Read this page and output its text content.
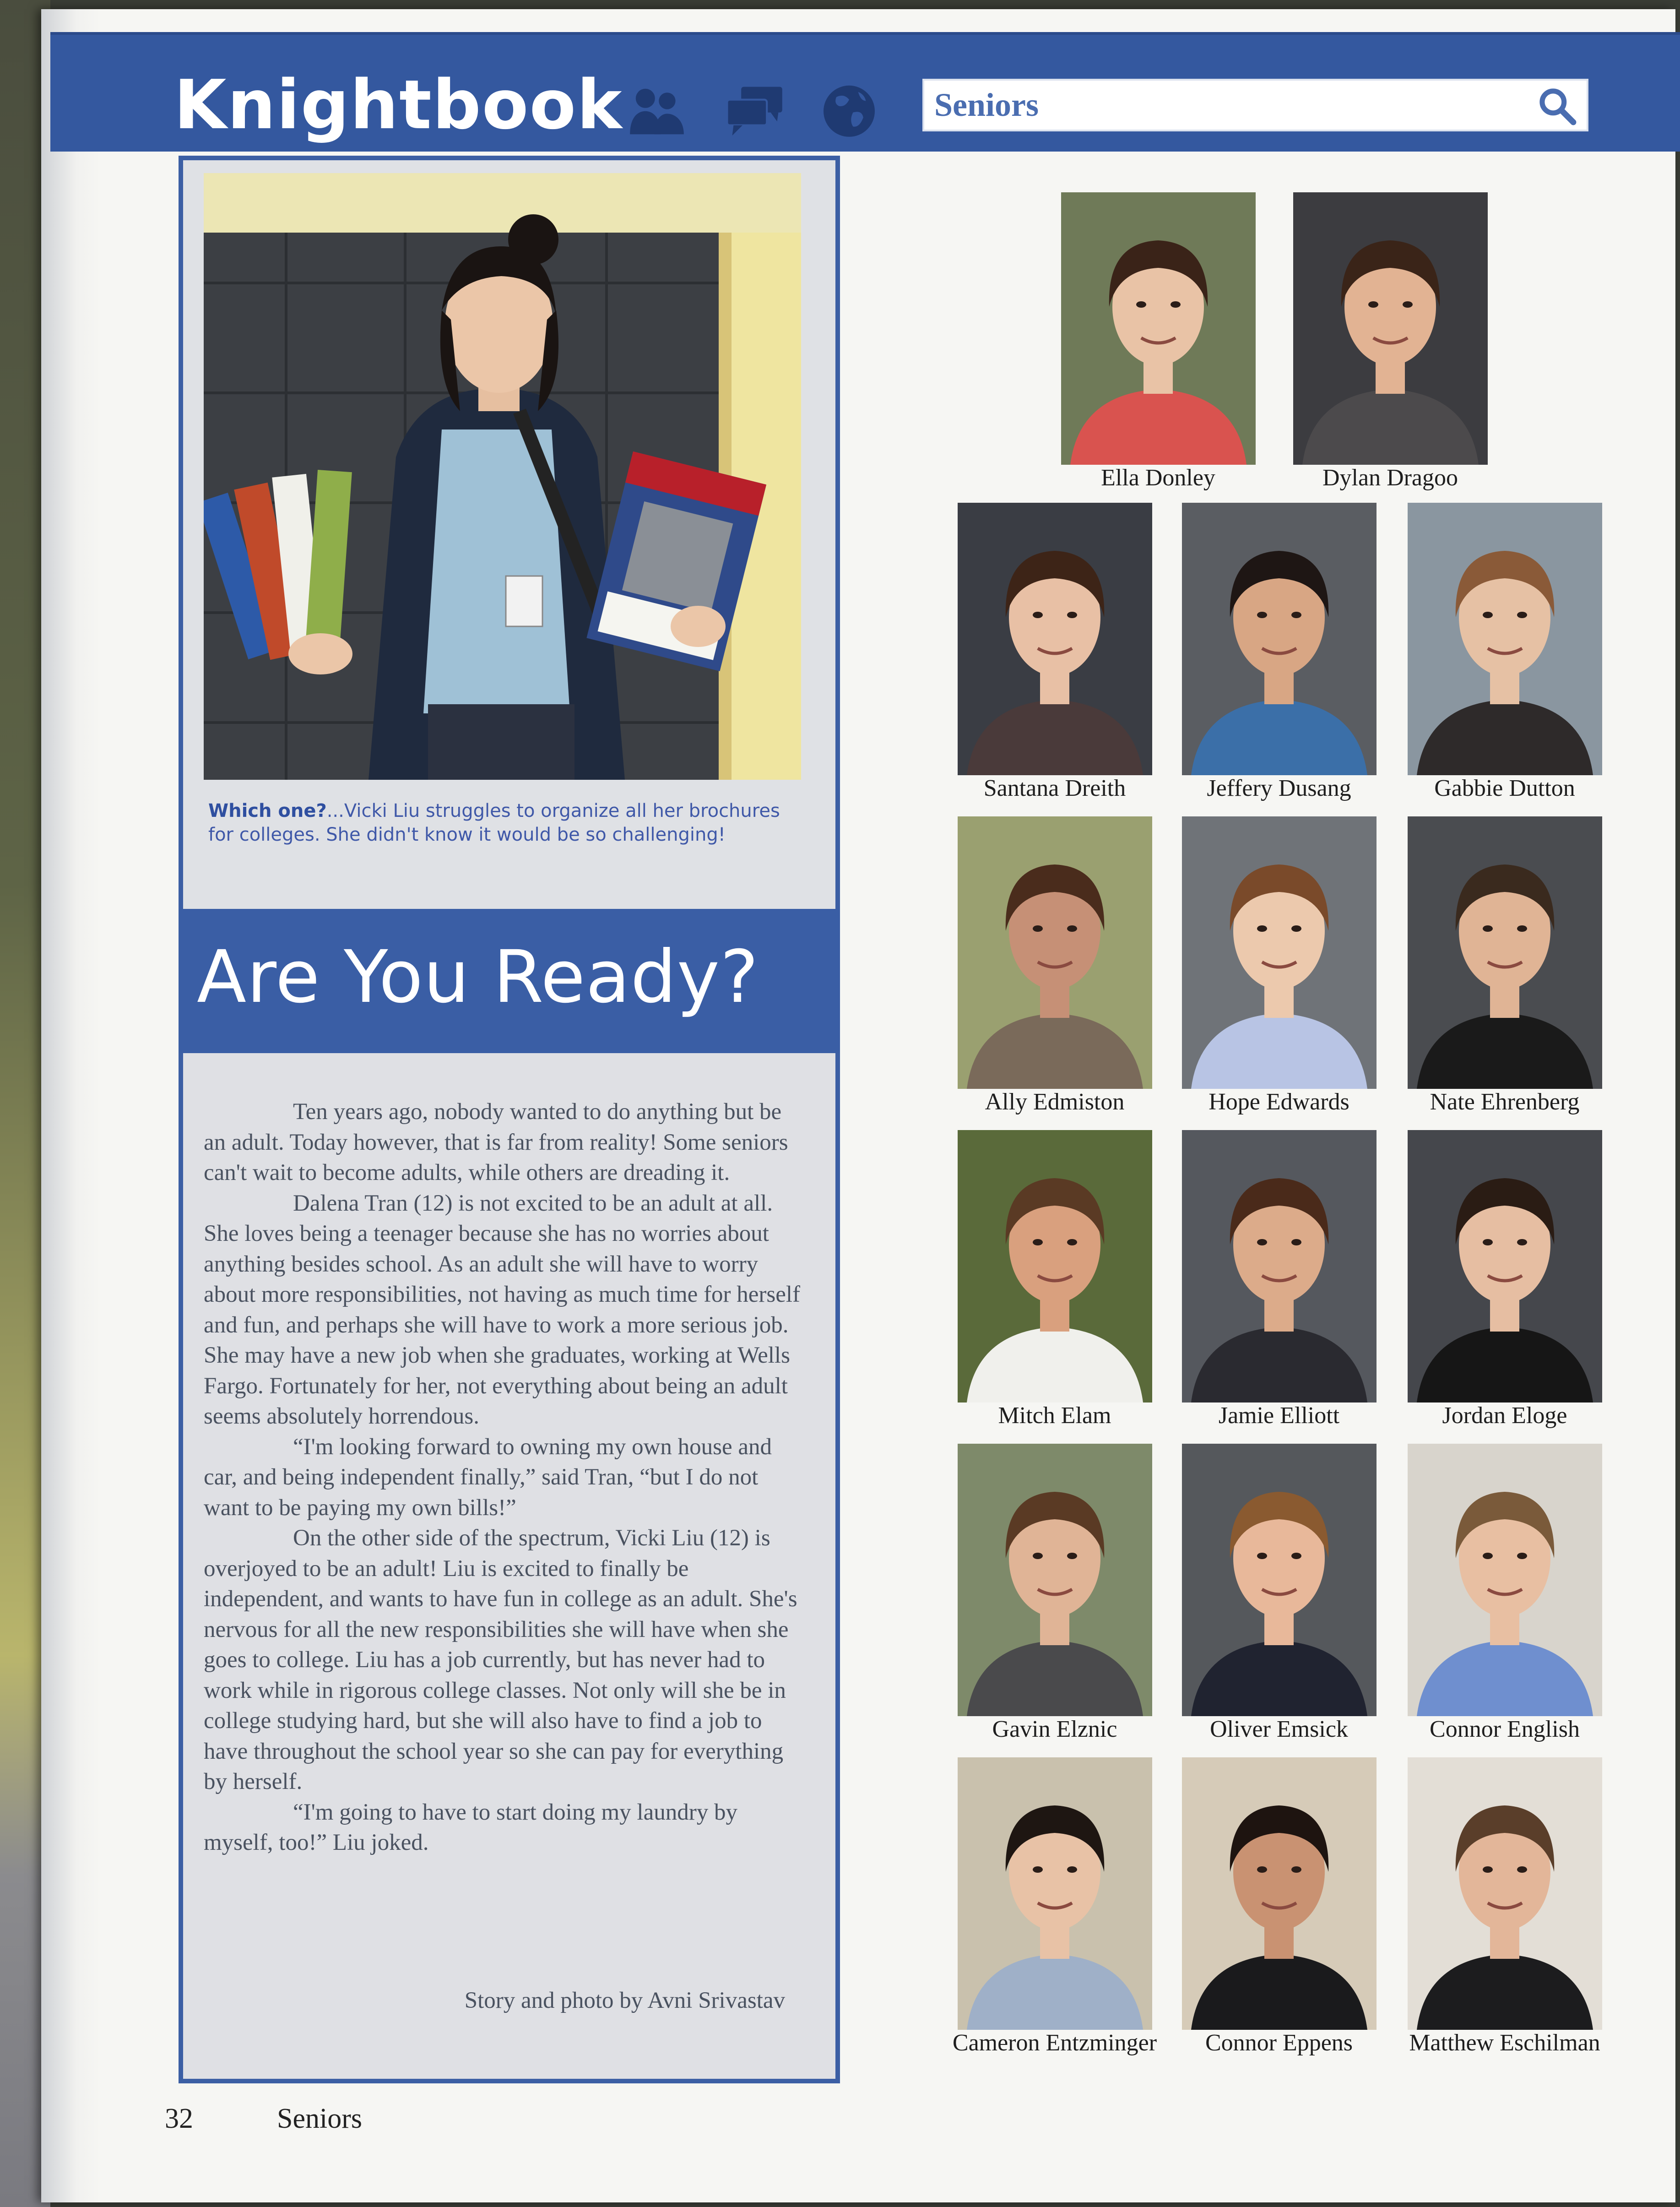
Knightbook	Seniors
Which one?...Vicki Liu struggles to organize all her brochures for colleges. She didn't know it would be so challenging!
Are You Ready?

Ten years ago, nobody wanted to do anything but be an adult. Today however, that is far from reality! Some seniors can't wait to become adults, while others are dreading it.

Dalena Tran (12) is not excited to be an adult at all. She loves being a teenager because she has no worries about anything besides school. As an adult she will have to worry about more responsibilities, not having as much time for herself and fun, and perhaps she will have to work a more serious job. She may have a new job when she graduates, working at Wells Fargo. Fortunately for her, not everything about being an adult seems absolutely horrendous.

“I'm looking forward to owning my own house and car, and being independent finally,” said Tran, “but I do not want to be paying my own bills!”

On the other side of the spectrum, Vicki Liu (12) is overjoyed to be an adult! Liu is excited to finally be independent, and wants to have fun in college as an adult. She's nervous for all the new responsibilities she will have when she goes to college. Liu has a job currently, but has never had to work while in rigorous college classes. Not only will she be in college studying hard, but she will also have to find a job to have throughout the school year so she can pay for everything by herself.

“I'm going to have to start doing my laundry by myself, too!” Liu joked.

Story and photo by Avni Srivastav
32	Seniors
Ella Donley	Dylan Dragoo
Santana Dreith	Jeffery Dusang	Gabbie Dutton
Ally Edmiston	Hope Edwards	Nate Ehrenberg
Mitch Elam	Jamie Elliott	Jordan Eloge
Gavin Elznic	Oliver Emsick	Connor English
Cameron Entzminger	Connor Eppens	Matthew Eschilman
